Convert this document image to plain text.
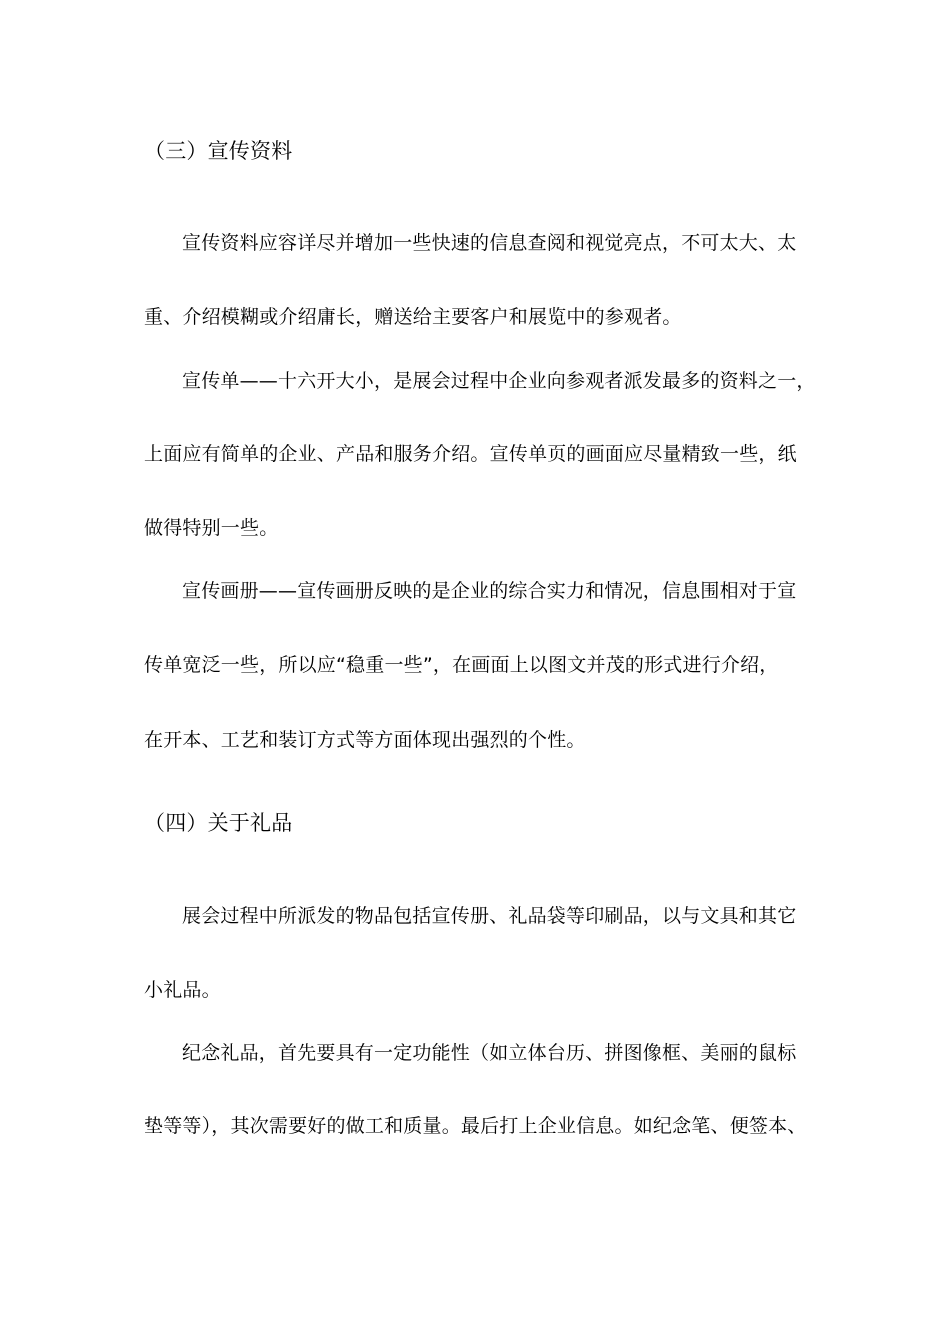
（三）宣传资料
宣传资料应容详尽并增加一些快速的信息查阅和视觉亮点，不可太大、太
重、介绍模糊或介绍庸长，赠送给主要客户和展览中的参观者。
宣传单——十六开大小，是展会过程中企业向参观者派发最多的资料之一，
上面应有简单的企业、产品和服务介绍。宣传单页的画面应尽量精致一些，纸
做得特别一些。
宣传画册——宣传画册反映的是企业的综合实力和情况，信息围相对于宣
传单宽泛一些，所以应“稳重一些”，在画面上以图文并茂的形式进行介绍，
在开本、工艺和装订方式等方面体现出强烈的个性。
（四）关于礼品
展会过程中所派发的物品包括宣传册、礼品袋等印刷品，以与文具和其它
小礼品。
纪念礼品，首先要具有一定功能性（如立体台历、拼图像框、美丽的鼠标
垫等等），其次需要好的做工和质量。最后打上企业信息。如纪念笔、便签本、
